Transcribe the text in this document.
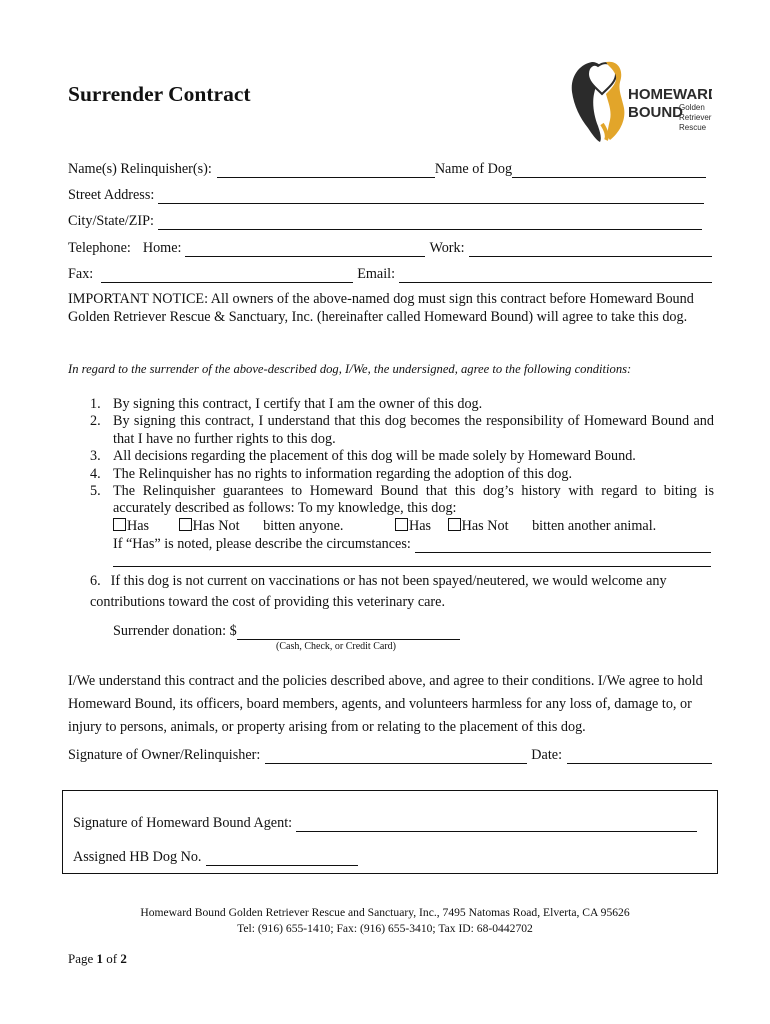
Surrender Contract	HOMEWARD
BOUND
Golden
Retriever
Rescue
Name(s) Relinquisher(s):	Name of Dog
Street Address:
City/State/ZIP:
Telephone: Home:	Work:
Fax:	Email:
IMPORTANT NOTICE: All owners of the above-named dog must sign this contract before Homeward Bound Golden Retriever Rescue & Sanctuary, Inc. (hereinafter called Homeward Bound) will agree to take this dog.
In regard to the surrender of the above-described dog, I/We, the undersigned, agree to the following conditions:
1. By signing this contract, I certify that I am the owner of this dog.
2. By signing this contract, I understand that this dog becomes the responsibility of Homeward Bound and that I have no further rights to this dog.
3. All decisions regarding the placement of this dog will be made solely by Homeward Bound.
4. The Relinquisher has no rights to information regarding the adoption of this dog.
5. The Relinquisher guarantees to Homeward Bound that this dog’s history with regard to biting is accurately described as follows: To my knowledge, this dog:
Has	Has Not bitten anyone.	Has Has Not bitten another animal.
If “Has” is noted, please describe the circumstances:
6. If this dog is not current on vaccinations or has not been spayed/neutered, we would welcome any contributions toward the cost of providing this veterinary care.
Surrender donation: $
(Cash, Check, or Credit Card)
I/We understand this contract and the policies described above, and agree to their conditions. I/We agree to hold Homeward Bound, its officers, board members, agents, and volunteers harmless for any loss of, damage to, or injury to persons, animals, or property arising from or relating to the placement of this dog.
Signature of Owner/Relinquisher:	Date:
Signature of Homeward Bound Agent:
Assigned HB Dog No.
Homeward Bound Golden Retriever Rescue and Sanctuary, Inc., 7495 Natomas Road, Elverta, CA 95626
Tel: (916) 655-1410; Fax: (916) 655-3410; Tax ID: 68-0442702
Page 1 of 2
